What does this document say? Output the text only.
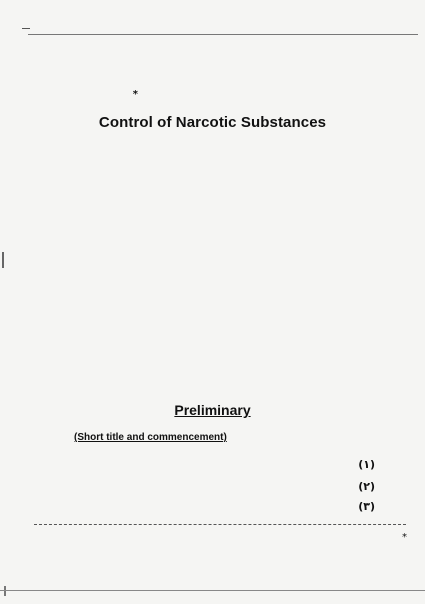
*
Control of Narcotic Substances
Preliminary
(Short title and commencement)
(۱)
(۲)
(۳)
*
